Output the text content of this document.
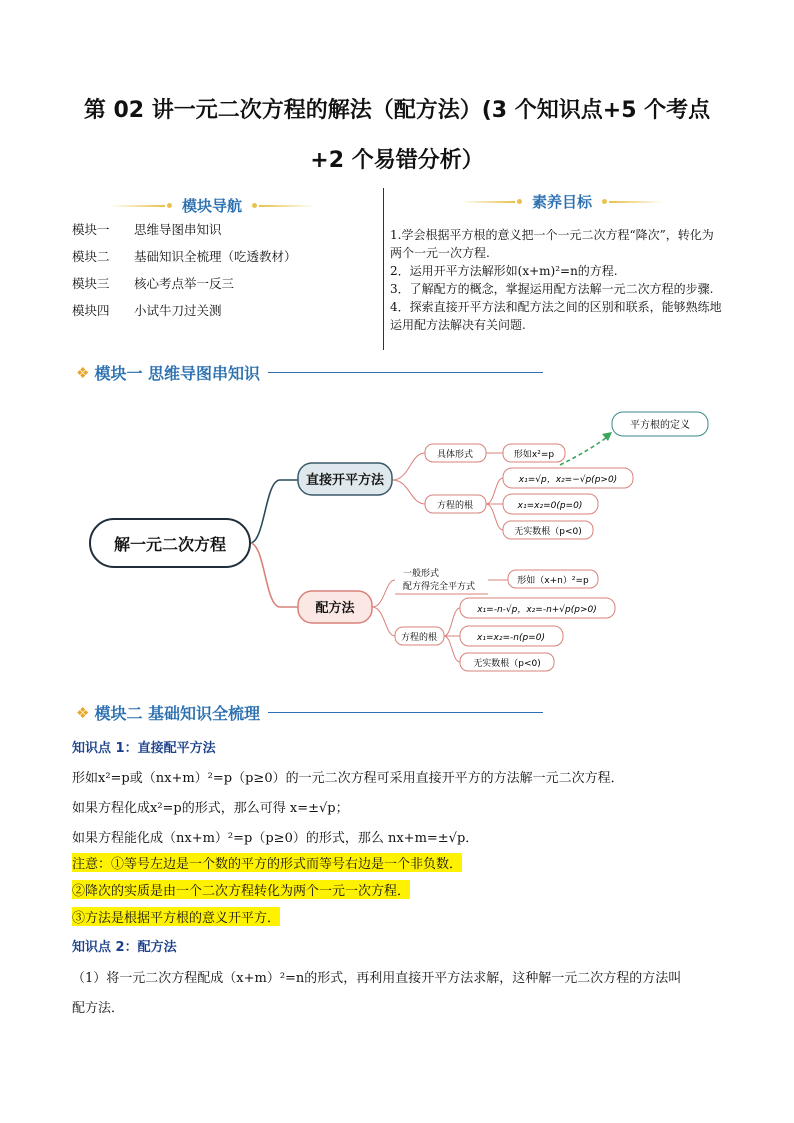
第 02 讲一元二次方程的解法（配方法）(3 个知识点+5 个考点
+2 个易错分析）
模块导航
模块一	思维导图串知识
模块二	基础知识全梳理（吃透教材）
模块三	核心考点举一反三
模块四	小试牛刀过关测
素养目标

1.学会根据平方根的意义把一个一元二次方程“降次”，转化为两个一元一次方程.

2．运用开平方法解形如(x+m)²=n的方程.

3．了解配方的概念，掌握运用配方法解一元二次方程的步骤.

4．探索直接开平方法和配方法之间的区别和联系，能够熟练地运用配方法解决有关问题.

❖ 模块一 思维导图串知识
解一元二次方程
直接开平方法
具体形式	形如x²=p
方程的根
x₁=√p，x₂=−√p(p>0)
x₁=x₂=0(p=0)
无实数根（p<0)
平方根的定义
配方法
一般形式
配方得完全平方式
形如（x+n）²=p
方程的根
x₁=-n-√p，x₂=-n+√p(p>0)
x₁=x₂=-n(p=0)
无实数根（p<0)
❖ 模块二 基础知识全梳理
知识点 1：直接配平方法
形如x²=p或（nx+m）²=p（p≥0）的一元二次方程可采用直接开平方的方法解一元二次方程．
如果方程化成x²=p的形式，那么可得 x=±√p；
如果方程能化成（nx+m）²=p（p≥0）的形式，那么 nx+m=±√p．
注意：①等号左边是一个数的平方的形式而等号右边是一个非负数．
②降次的实质是由一个二次方程转化为两个一元一次方程．
③方法是根据平方根的意义开平方．
知识点 2：配方法
（1）将一元二次方程配成（x+m）²=n的形式，再利用直接开平方法求解，这种解一元二次方程的方法叫
配方法．
